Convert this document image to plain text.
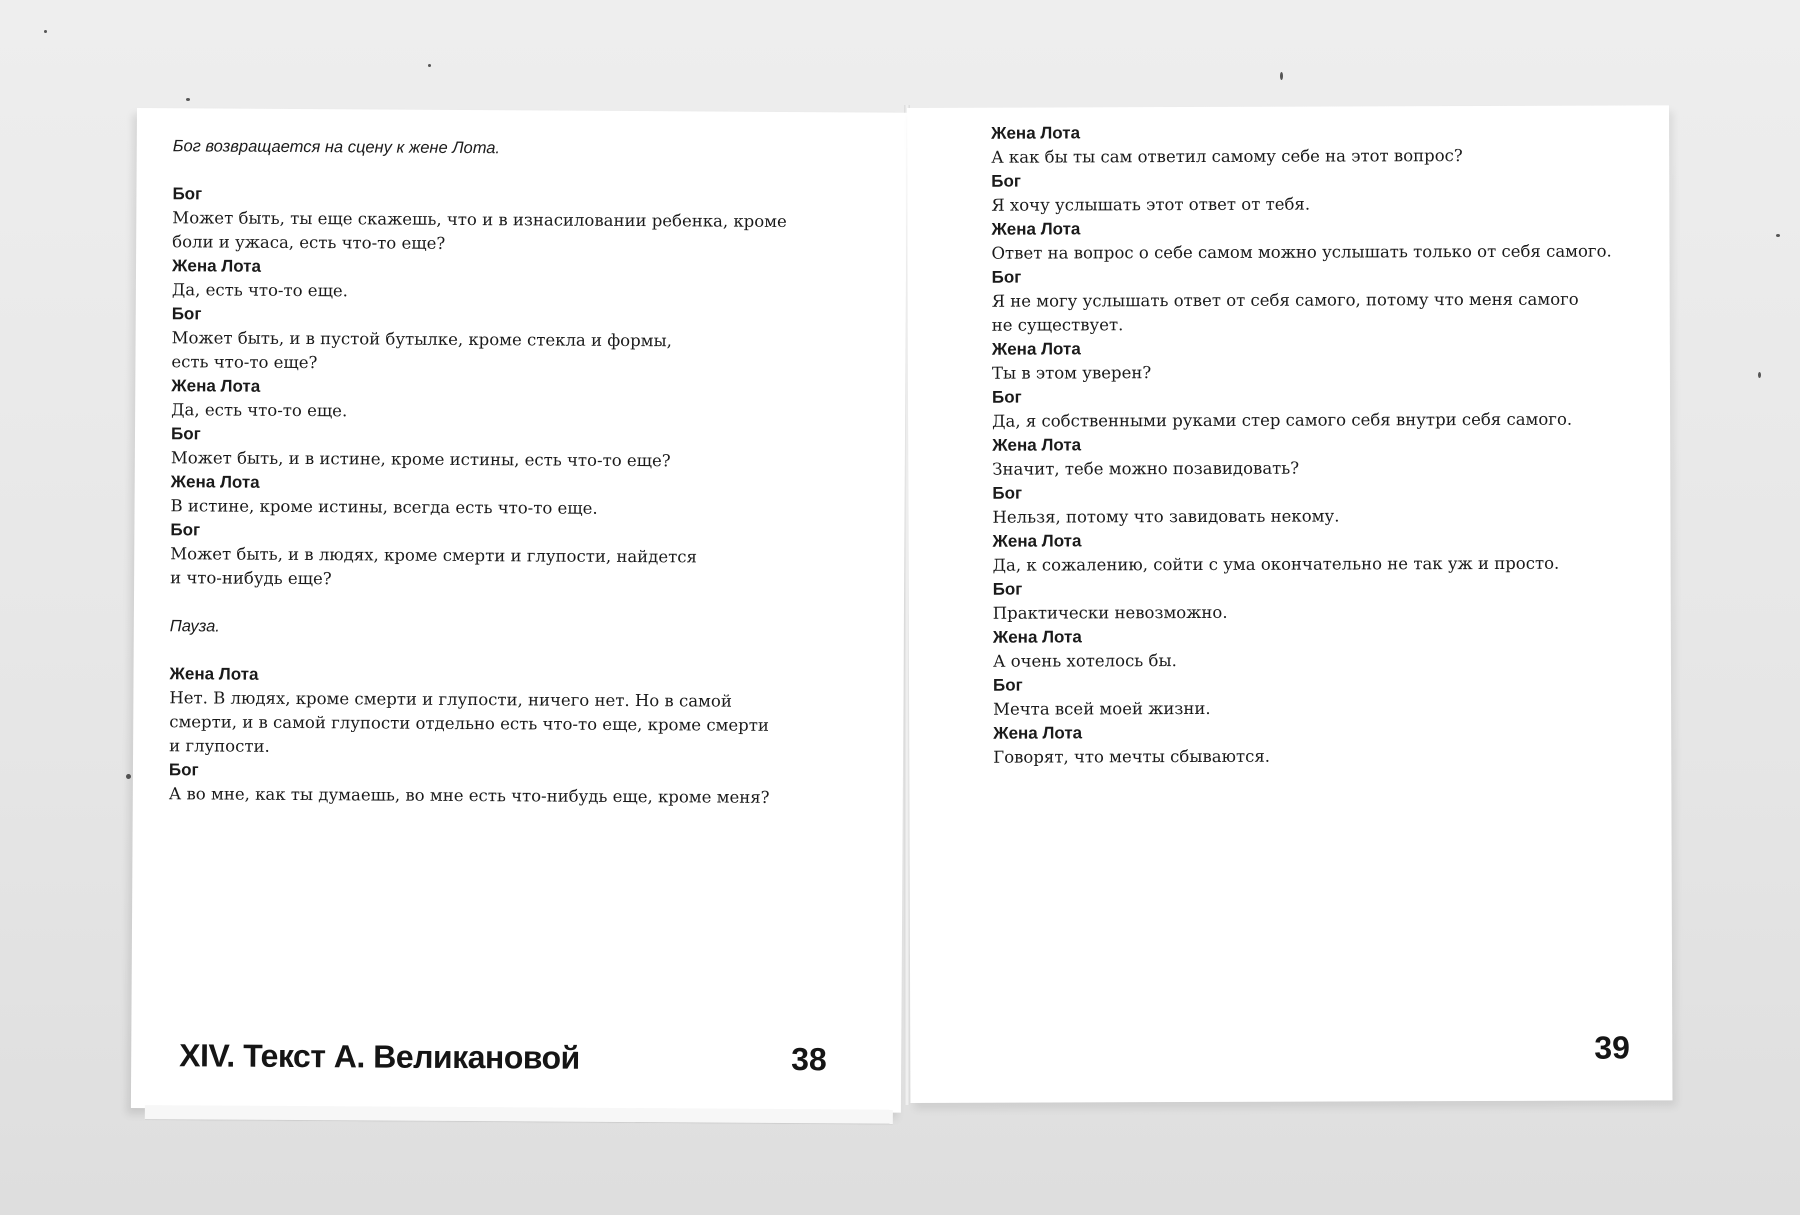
Бог возвращается на сцену к жене Лота.
Бог
Может быть, ты еще скажешь, что и в изнасиловании ребенка, кроме
боли и ужаса, есть что-то еще?
Жена Лота
Да, есть что-то еще.
Бог
Может быть, и в пустой бутылке, кроме стекла и формы,
есть что-то еще?
Жена Лота
Да, есть что-то еще.
Бог
Может быть, и в истине, кроме истины, есть что-то еще?
Жена Лота
В истине, кроме истины, всегда есть что-то еще.
Бог
Может быть, и в людях, кроме смерти и глупости, найдется
и что-нибудь еще?
Пауза.
Жена Лота
Нет. В людях, кроме смерти и глупости, ничего нет. Но в самой
смерти, и в самой глупости отдельно есть что-то еще, кроме смерти
и глупости.
Бог
А во мне, как ты думаешь, во мне есть что-нибудь еще, кроме меня?
XIV. Текст А. Великановой	38
Жена Лота
А как бы ты сам ответил самому себе на этот вопрос?
Бог
Я хочу услышать этот ответ от тебя.
Жена Лота
Ответ на вопрос о себе самом можно услышать только от себя самого.
Бог
Я не могу услышать ответ от себя самого, потому что меня самого
не существует.
Жена Лота
Ты в этом уверен?
Бог
Да, я собственными руками стер самого себя внутри себя самого.
Жена Лота
Значит, тебе можно позавидовать?
Бог
Нельзя, потому что завидовать некому.
Жена Лота
Да, к сожалению, сойти с ума окончательно не так уж и просто.
Бог
Практически невозможно.
Жена Лота
А очень хотелось бы.
Бог
Мечта всей моей жизни.
Жена Лота
Говорят, что мечты сбываются.
39
